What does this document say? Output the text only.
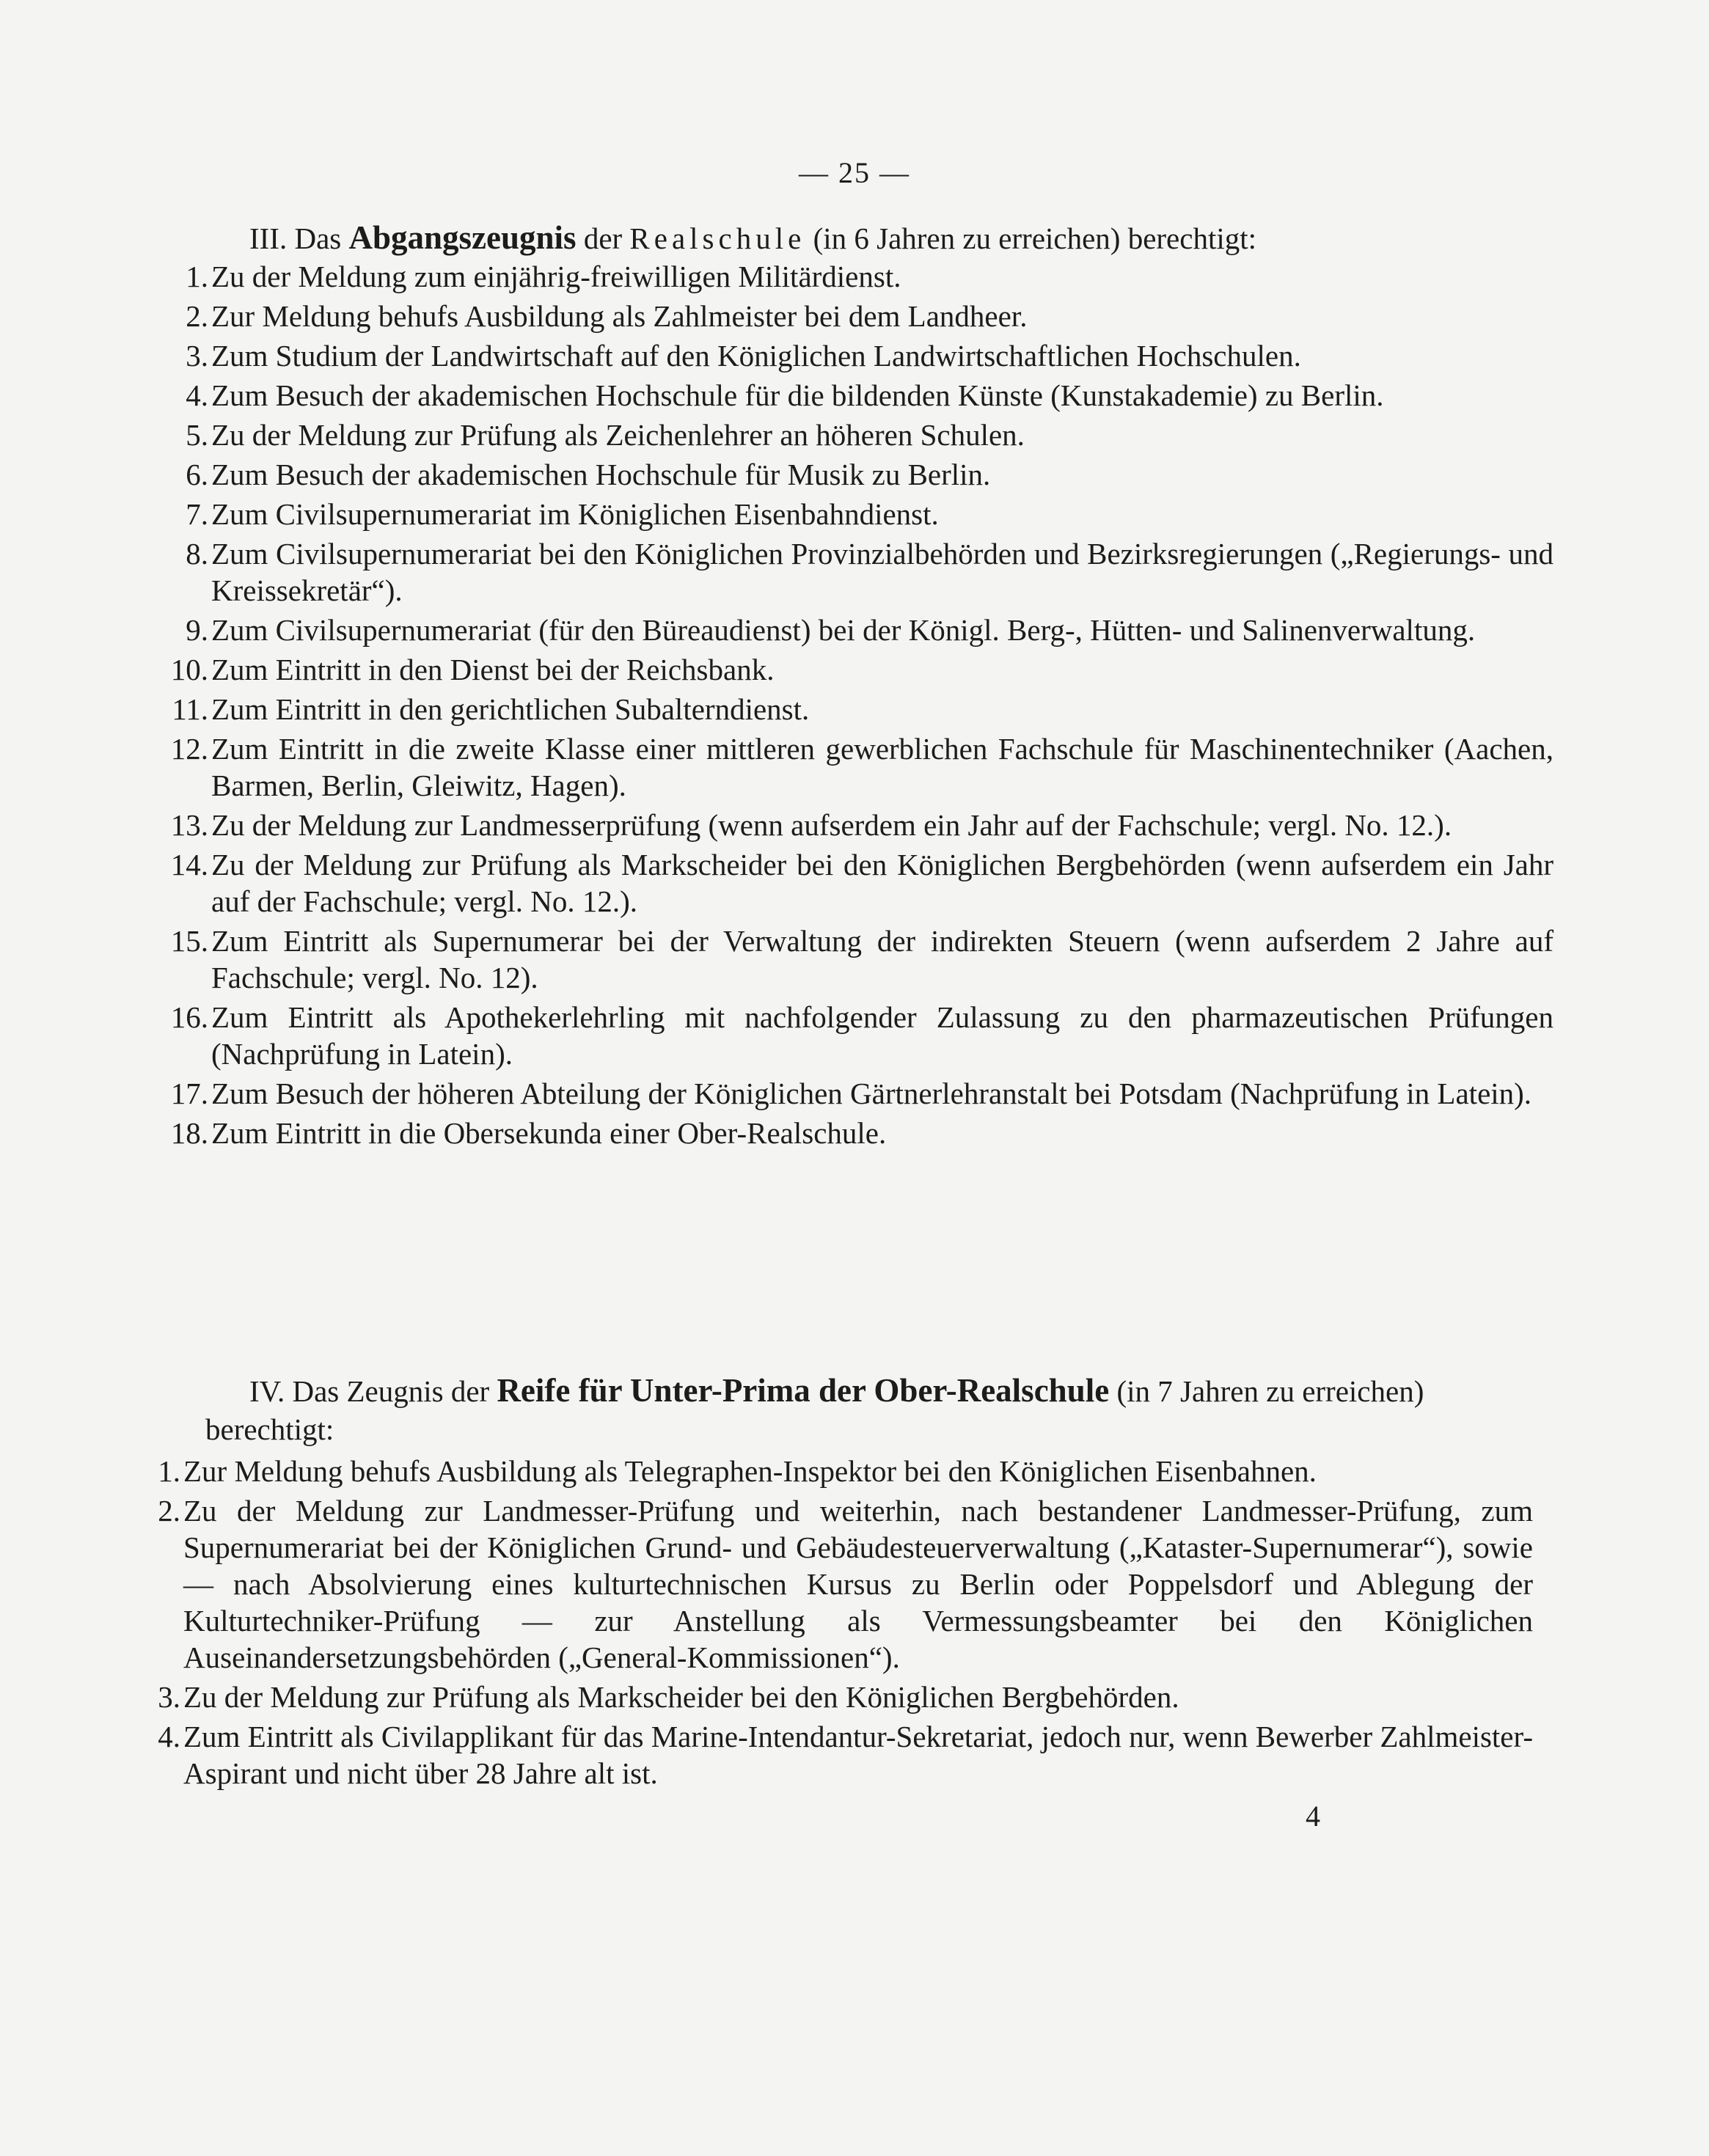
— 25 —
III. Das Abgangszeugnis der Realschule (in 6 Jahren zu erreichen) berechtigt:
1. Zu der Meldung zum einjährig-freiwilligen Militärdienst.
2. Zur Meldung behufs Ausbildung als Zahlmeister bei dem Landheer.
3. Zum Studium der Landwirtschaft auf den Königlichen Landwirtschaftlichen Hochschulen.
4. Zum Besuch der akademischen Hochschule für die bildenden Künste (Kunstakademie) zu Berlin.
5. Zu der Meldung zur Prüfung als Zeichenlehrer an höheren Schulen.
6. Zum Besuch der akademischen Hochschule für Musik zu Berlin.
7. Zum Civilsupernumerariat im Königlichen Eisenbahndienst.
8. Zum Civilsupernumerariat bei den Königlichen Provinzialbehörden und Bezirksregierungen („Regierungs- und Kreissekretär“).
9. Zum Civilsupernumerariat (für den Büreaudienst) bei der Königl. Berg-, Hütten- und Salinenverwaltung.
10. Zum Eintritt in den Dienst bei der Reichsbank.
11. Zum Eintritt in den gerichtlichen Subalterndienst.
12. Zum Eintritt in die zweite Klasse einer mittleren gewerblichen Fachschule für Maschinentechniker (Aachen, Barmen, Berlin, Gleiwitz, Hagen).
13. Zu der Meldung zur Landmesserprüfung (wenn aufserdem ein Jahr auf der Fachschule; vergl. No. 12.).
14. Zu der Meldung zur Prüfung als Markscheider bei den Königlichen Bergbehörden (wenn aufserdem ein Jahr auf der Fachschule; vergl. No. 12.).
15. Zum Eintritt als Supernumerar bei der Verwaltung der indirekten Steuern (wenn aufserdem 2 Jahre auf Fachschule; vergl. No. 12).
16. Zum Eintritt als Apothekerlehrling mit nachfolgender Zulassung zu den pharmazeutischen Prüfungen (Nachprüfung in Latein).
17. Zum Besuch der höheren Abteilung der Königlichen Gärtnerlehranstalt bei Potsdam (Nachprüfung in Latein).
18. Zum Eintritt in die Obersekunda einer Ober-Realschule.
IV. Das Zeugnis der Reife für Unter-Prima der Ober-Realschule (in 7 Jahren zu erreichen) berechtigt:
1. Zur Meldung behufs Ausbildung als Telegraphen-Inspektor bei den Königlichen Eisenbahnen.
2. Zu der Meldung zur Landmesser-Prüfung und weiterhin, nach bestandener Landmesser-Prüfung, zum Supernumerariat bei der Königlichen Grund- und Gebäudesteuerverwaltung („Kataster-Supernumerar“), sowie — nach Absolvierung eines kulturtechnischen Kursus zu Berlin oder Poppelsdorf und Ablegung der Kulturtechniker-Prüfung — zur Anstellung als Vermessungsbeamter bei den Königlichen Auseinandersetzungsbehörden („General-Kommissionen“).
3. Zu der Meldung zur Prüfung als Markscheider bei den Königlichen Bergbehörden.
4. Zum Eintritt als Civilapplikant für das Marine-Intendantur-Sekretariat, jedoch nur, wenn Bewerber Zahlmeister-Aspirant und nicht über 28 Jahre alt ist.
4
